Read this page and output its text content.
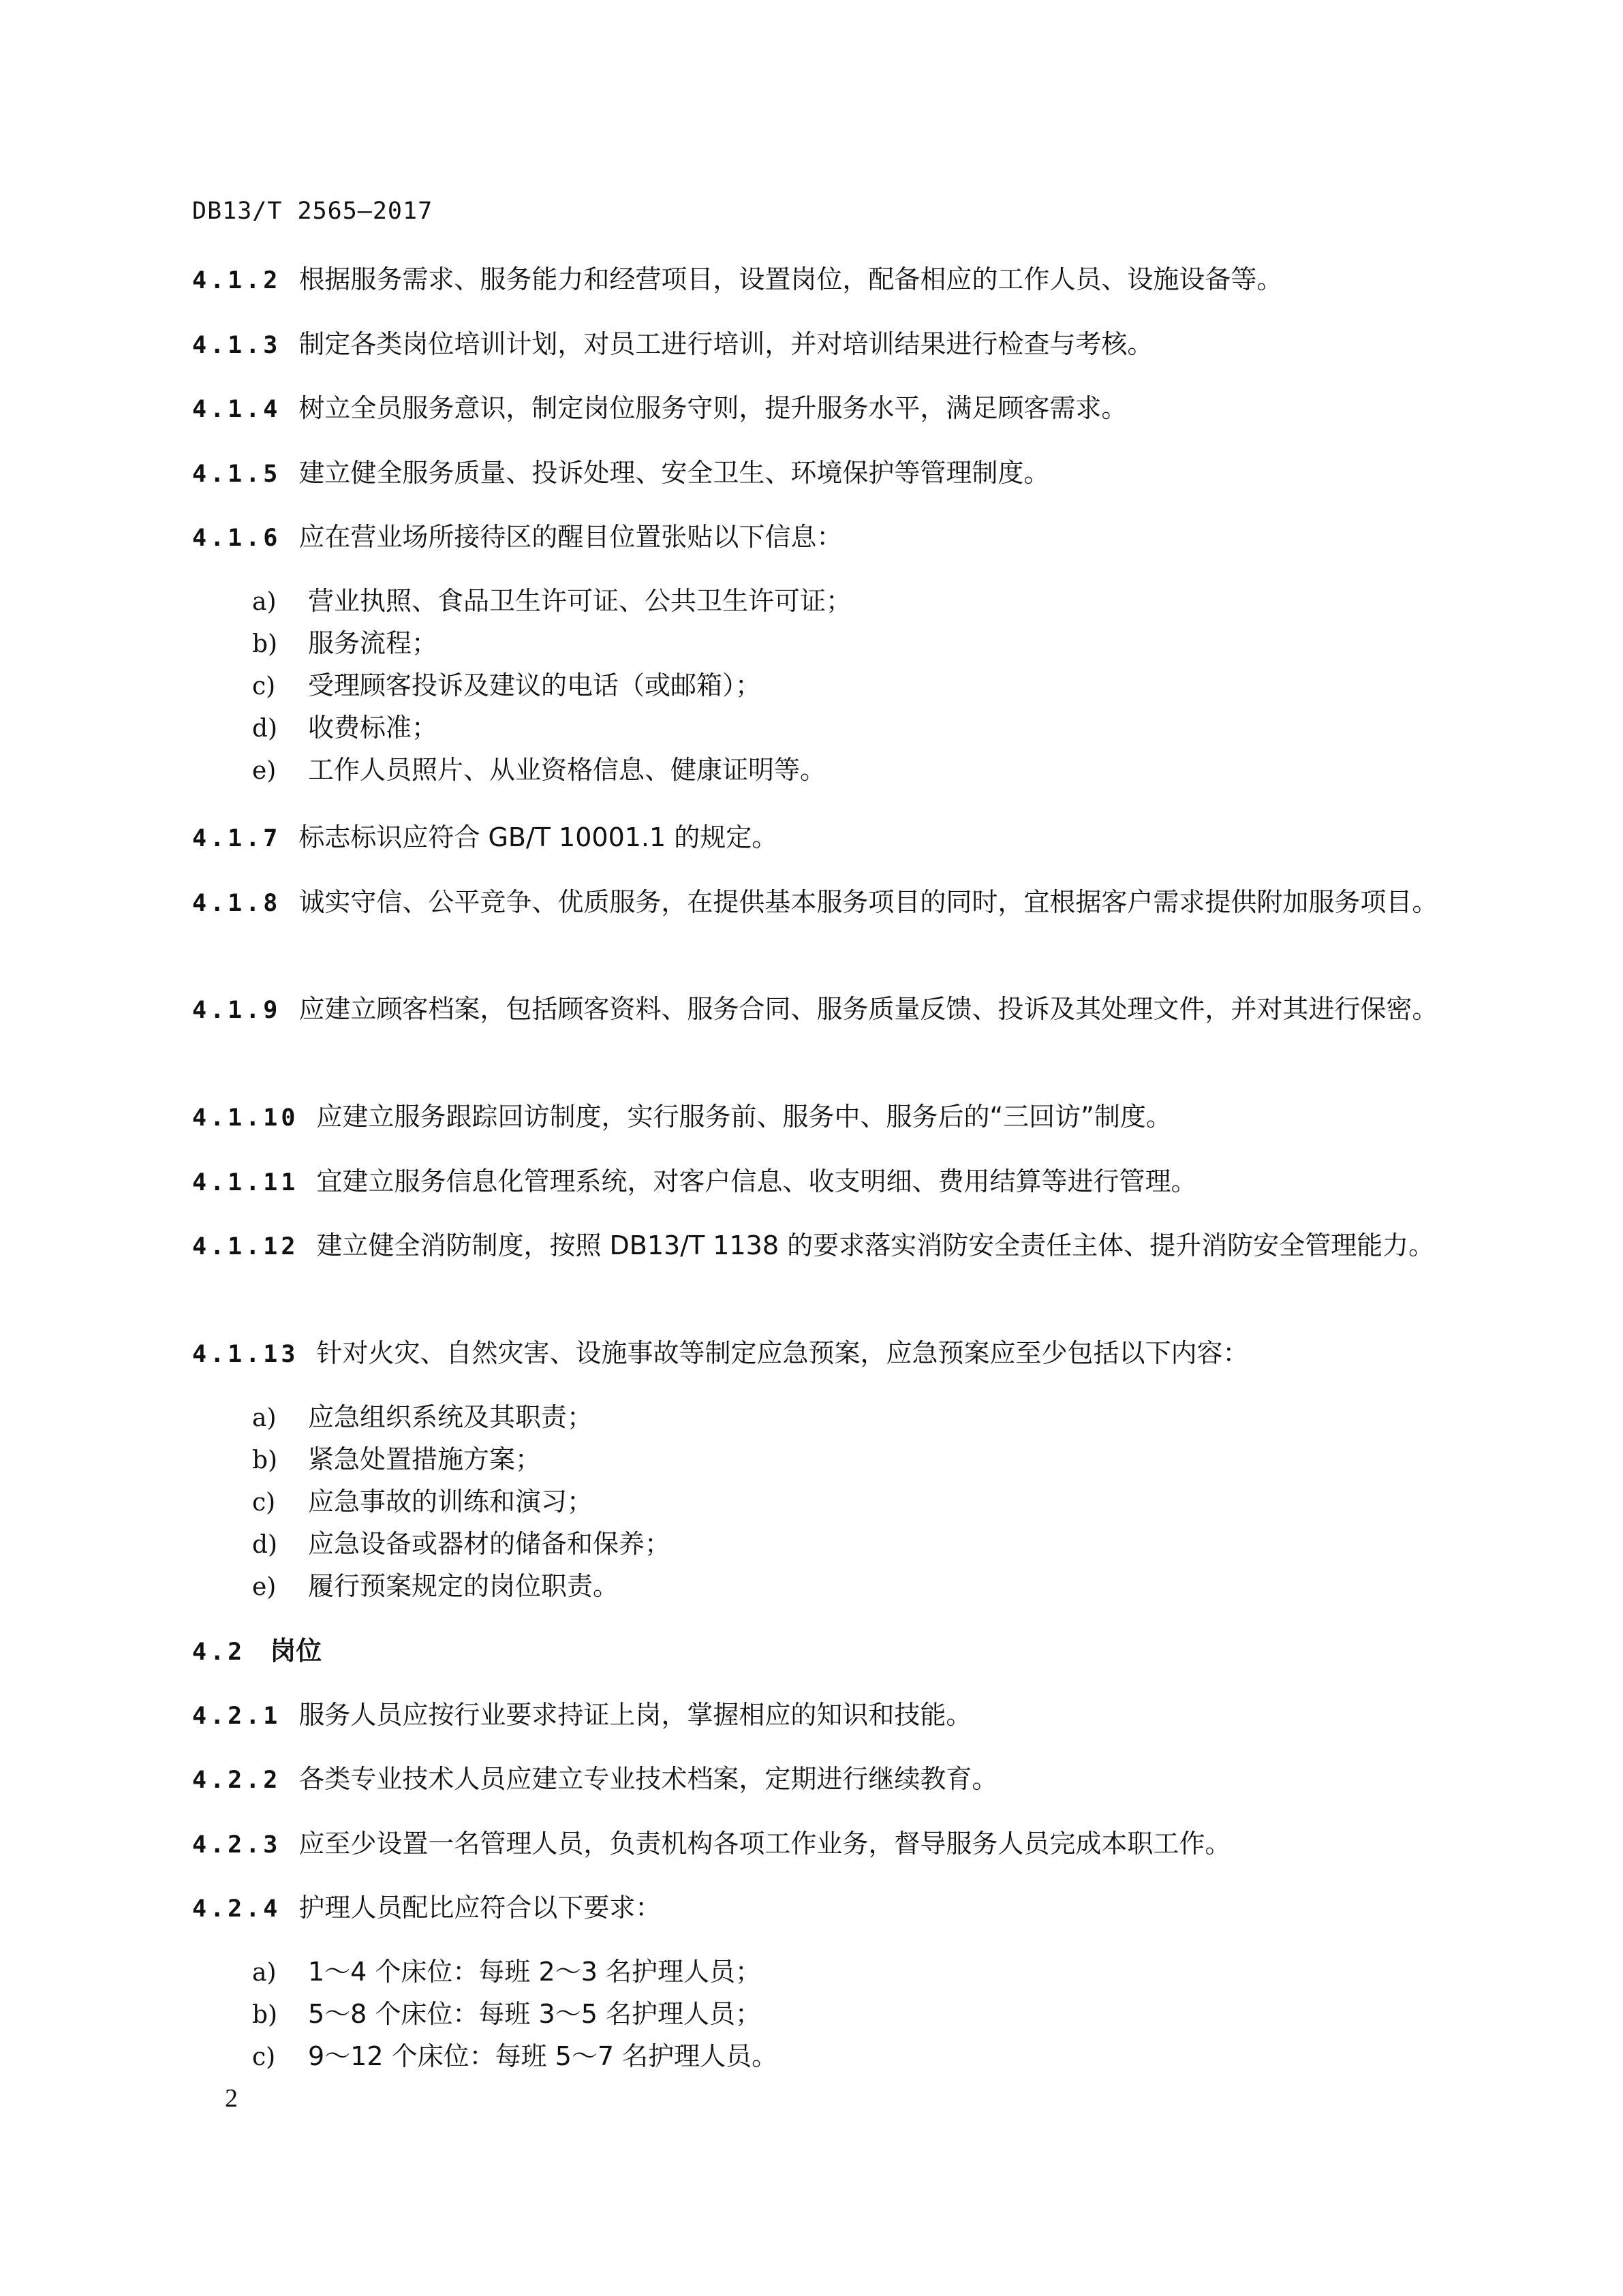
DB13/T 2565—2017
4.1.2 根据服务需求、服务能力和经营项目，设置岗位，配备相应的工作人员、设施设备等。
4.1.3 制定各类岗位培训计划，对员工进行培训，并对培训结果进行检查与考核。
4.1.4 树立全员服务意识，制定岗位服务守则，提升服务水平，满足顾客需求。
4.1.5 建立健全服务质量、投诉处理、安全卫生、环境保护等管理制度。
4.1.6 应在营业场所接待区的醒目位置张贴以下信息：
a) 营业执照、食品卫生许可证、公共卫生许可证；
b) 服务流程；
c) 受理顾客投诉及建议的电话（或邮箱）；
d) 收费标准；
e) 工作人员照片、从业资格信息、健康证明等。
4.1.7 标志标识应符合 GB/T 10001.1 的规定。
4.1.8 诚实守信、公平竞争、优质服务，在提供基本服务项目的同时，宜根据客户需求提供附加服务项目。
4.1.9 应建立顾客档案，包括顾客资料、服务合同、服务质量反馈、投诉及其处理文件，并对其进行保密。
4.1.10 应建立服务跟踪回访制度，实行服务前、服务中、服务后的“三回访”制度。
4.1.11 宜建立服务信息化管理系统，对客户信息、收支明细、费用结算等进行管理。
4.1.12 建立健全消防制度，按照 DB13/T 1138 的要求落实消防安全责任主体、提升消防安全管理能力。
4.1.13 针对火灾、自然灾害、设施事故等制定应急预案，应急预案应至少包括以下内容：
a) 应急组织系统及其职责；
b) 紧急处置措施方案；
c) 应急事故的训练和演习；
d) 应急设备或器材的储备和保养；
e) 履行预案规定的岗位职责。
4.2 岗位
4.2.1 服务人员应按行业要求持证上岗，掌握相应的知识和技能。
4.2.2 各类专业技术人员应建立专业技术档案，定期进行继续教育。
4.2.3 应至少设置一名管理人员，负责机构各项工作业务，督导服务人员完成本职工作。
4.2.4 护理人员配比应符合以下要求：
a) 1～4 个床位：每班 2～3 名护理人员；
b) 5～8 个床位：每班 3～5 名护理人员；
c) 9～12 个床位：每班 5～7 名护理人员。
2
